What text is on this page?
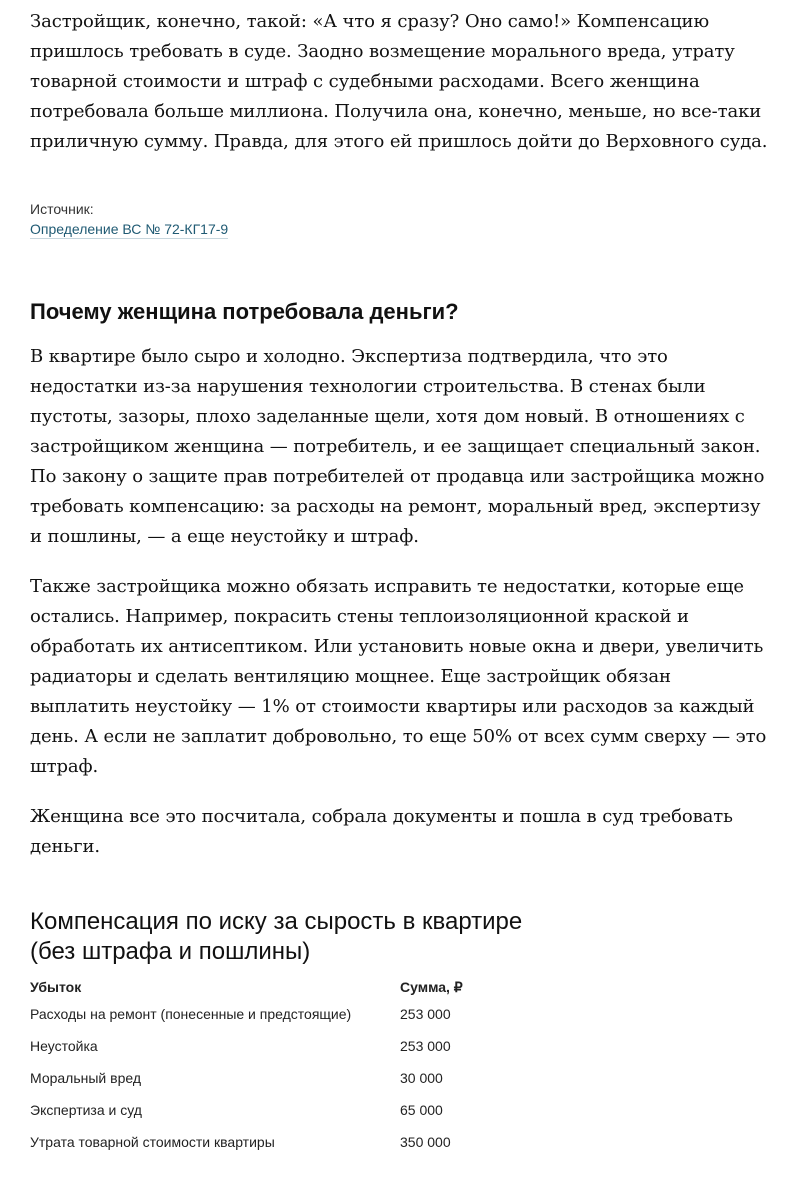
Застройщик, конечно, такой: «А что я сразу? Оно само!» Компенсацию пришлось требовать в суде. Заодно возмещение морального вреда, утрату товарной стоимости и штраф с судебными расходами. Всего женщина потребовала больше миллиона. Получила она, конечно, меньше, но все-таки приличную сумму. Правда, для этого ей пришлось дойти до Верховного суда.

Источник:
Определение ВС № 72-КГ17-9
Почему женщина потребовала деньги?

В квартире было сыро и холодно. Экспертиза подтвердила, что это недостатки из-за нарушения технологии строительства. В стенах были пустоты, зазоры, плохо заделанные щели, хотя дом новый. В отношениях с застройщиком женщина — потребитель, и ее защищает специальный закон. По закону о защите прав потребителей от продавца или застройщика можно требовать компенсацию: за расходы на ремонт, моральный вред, экспертизу и пошлины, — а еще неустойку и штраф.

Также застройщика можно обязать исправить те недостатки, которые еще остались. Например, покрасить стены теплоизоляционной краской и обработать их антисептиком. Или установить новые окна и двери, увеличить радиаторы и сделать вентиляцию мощнее. Еще застройщик обязан выплатить неустойку — 1% от стоимости квартиры или расходов за каждый день. А если не заплатит добровольно, то еще 50% от всех сумм сверху — это штраф.

Женщина все это посчитала, собрала документы и пошла в суд требовать деньги.

Компенсация по иску за сырость в квартире
(без штрафа и пошлины)
Убыток	Сумма, ₽
Расходы на ремонт (понесенные и предстоящие)	253 000
Неустойка	253 000
Моральный вред	30 000
Экспертиза и суд	65 000
Утрата товарной стоимости квартиры	350 000
